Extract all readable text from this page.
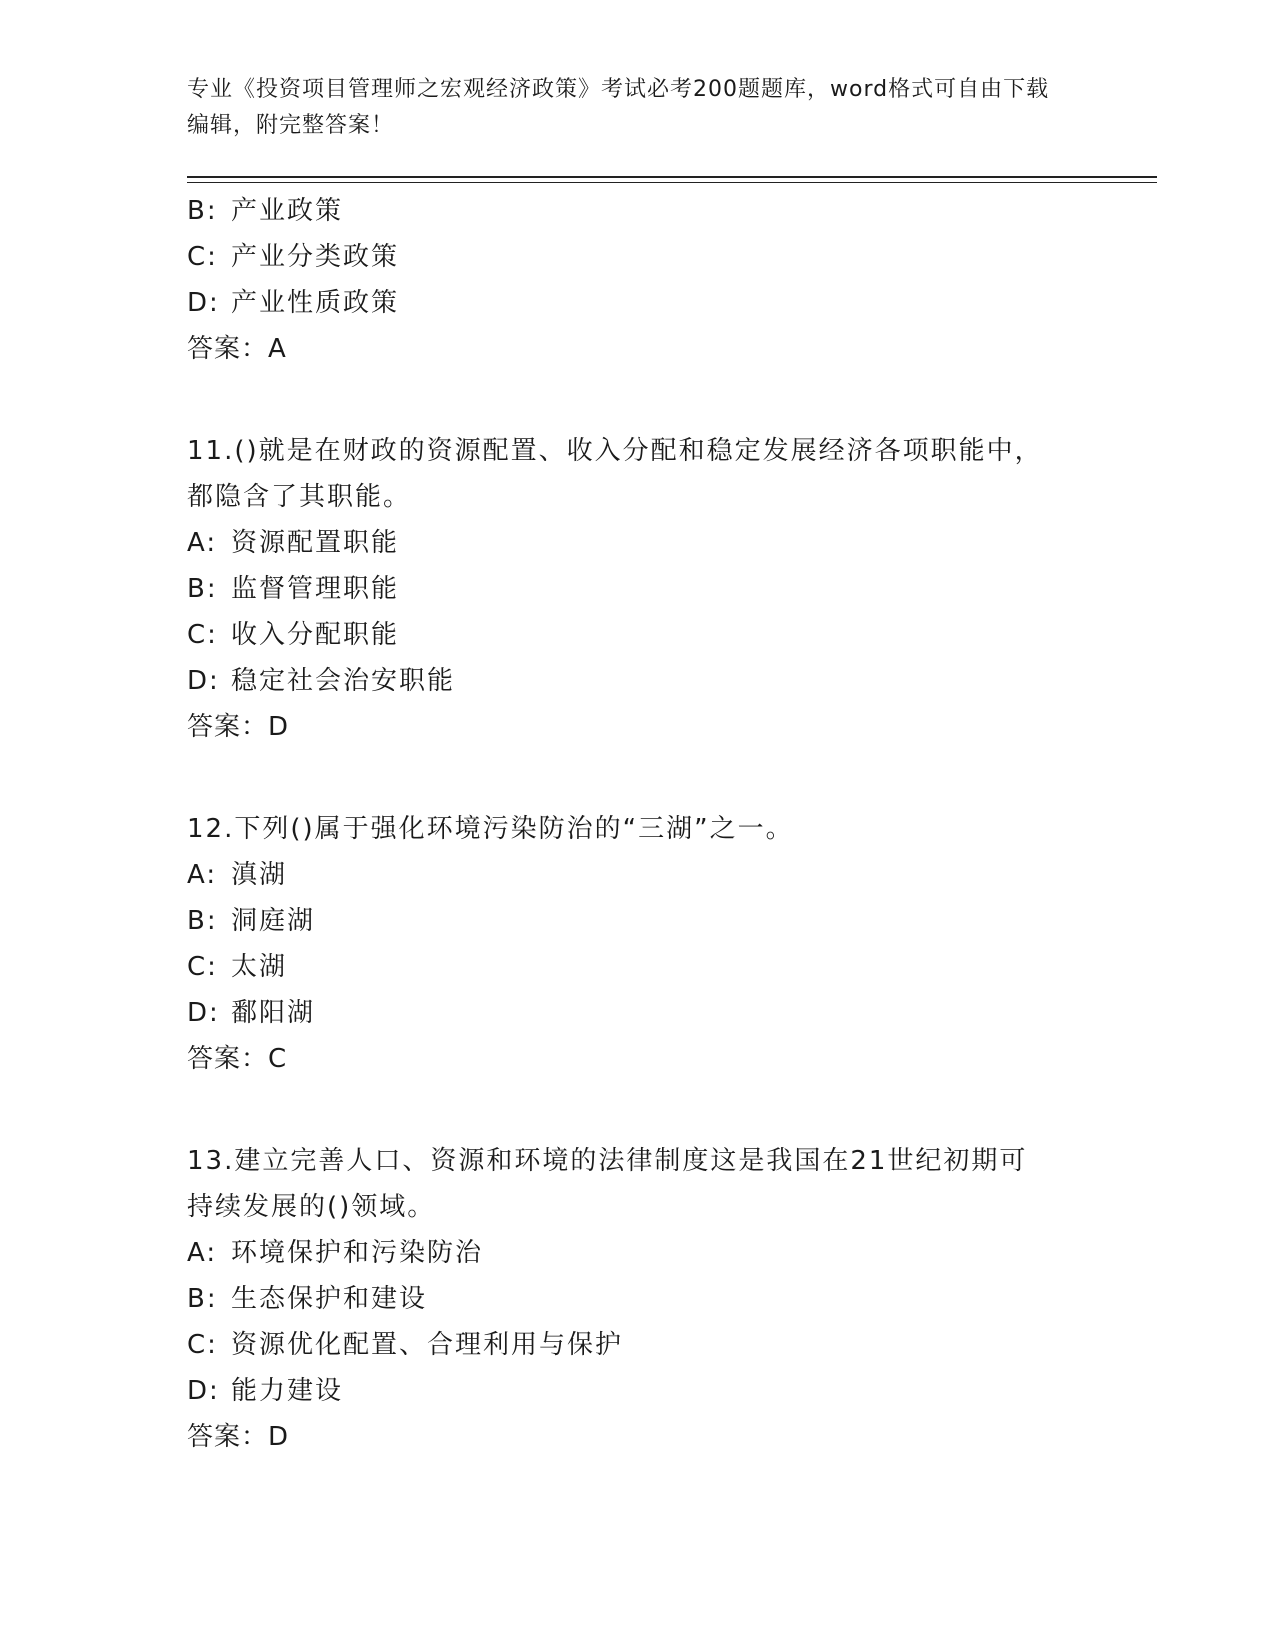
专业《投资项目管理师之宏观经济政策》考试必考200题题库，word格式可自由下载编辑，附完整答案！
B: 产业政策
C: 产业分类政策
D: 产业性质政策
答案：A
11.()就是在财政的资源配置、收入分配和稳定发展经济各项职能中，
都隐含了其职能。
A: 资源配置职能
B: 监督管理职能
C: 收入分配职能
D: 稳定社会治安职能
答案：D
12.下列()属于强化环境污染防治的“三湖”之一。
A: 滇湖
B: 洞庭湖
C: 太湖
D: 鄱阳湖
答案：C
13.建立完善人口、资源和环境的法律制度这是我国在21世纪初期可
持续发展的()领域。
A: 环境保护和污染防治
B: 生态保护和建设
C: 资源优化配置、合理利用与保护
D: 能力建设
答案：D
